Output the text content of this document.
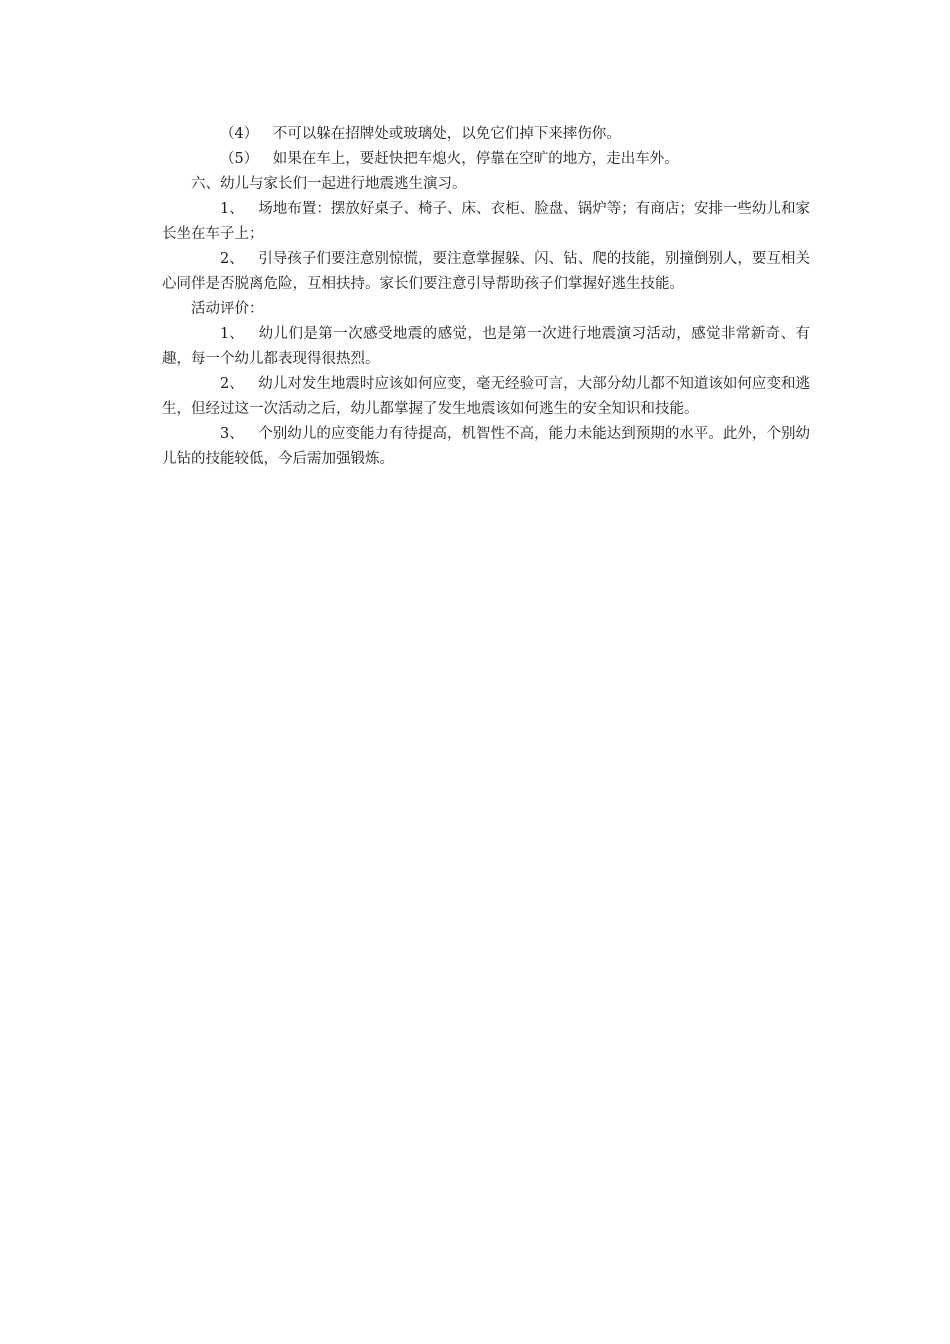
（4） 不可以躲在招牌处或玻璃处，以免它们掉下来摔伤你。

（5） 如果在车上，要赶快把车熄火，停靠在空旷的地方，走出车外。

六、幼儿与家长们一起进行地震逃生演习。

1、 场地布置：摆放好桌子、椅子、床、衣柜、脸盘、锅炉等；有商店；安排一些幼儿和家长坐在车子上；

2、 引导孩子们要注意别惊慌，要注意掌握躲、闪、钻、爬的技能，别撞倒别人，要互相关心同伴是否脱离危险，互相扶持。家长们要注意引导帮助孩子们掌握好逃生技能。

活动评价：

1、 幼儿们是第一次感受地震的感觉，也是第一次进行地震演习活动，感觉非常新奇、有趣，每一个幼儿都表现得很热烈。

2、 幼儿对发生地震时应该如何应变，毫无经验可言，大部分幼儿都不知道该如何应变和逃生，但经过这一次活动之后，幼儿都掌握了发生地震该如何逃生的安全知识和技能。

3、 个别幼儿的应变能力有待提高，机智性不高，能力未能达到预期的水平。此外，个别幼儿钻的技能较低，今后需加强锻炼。
